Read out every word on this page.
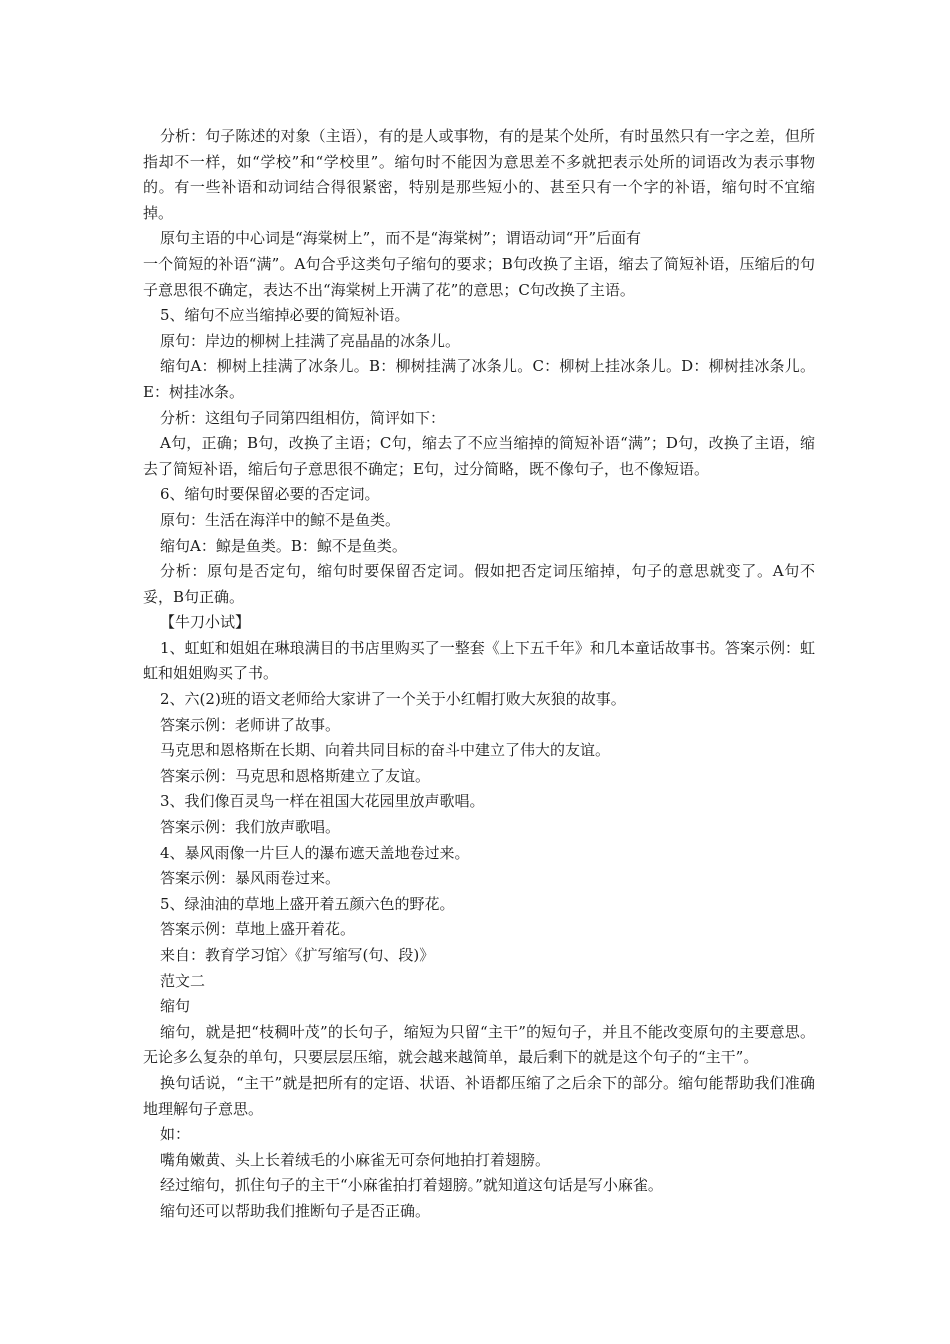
分析：句子陈述的对象（主语），有的是人或事物，有的是某个处所，有时虽然只有一字之差，但所指却不一样，如“学校”和“学校里”。缩句时不能因为意思差不多就把表示处所的词语改为表示事物的。有一些补语和动词结合得很紧密，特别是那些短小的、甚至只有一个字的补语，缩句时不宜缩掉。

原句主语的中心词是“海棠树上”，而不是“海棠树”；谓语动词“开”后面有

一个简短的补语“满”。A句合乎这类句子缩句的要求；B句改换了主语，缩去了简短补语，压缩后的句子意思很不确定，表达不出“海棠树上开满了花”的意思；C句改换了主语。

5、缩句不应当缩掉必要的简短补语。

原句：岸边的柳树上挂满了亮晶晶的冰条儿。

缩句A：柳树上挂满了冰条儿。B：柳树挂满了冰条儿。C：柳树上挂冰条儿。D：柳树挂冰条儿。E：树挂冰条。

分析：这组句子同第四组相仿，简评如下：

A句，正确；B句，改换了主语；C句，缩去了不应当缩掉的简短补语“满”；D句，改换了主语，缩去了简短补语，缩后句子意思很不确定；E句，过分简略，既不像句子，也不像短语。

6、缩句时要保留必要的否定词。

原句：生活在海洋中的鲸不是鱼类。

缩句A：鲸是鱼类。B：鲸不是鱼类。

分析：原句是否定句，缩句时要保留否定词。假如把否定词压缩掉，句子的意思就变了。A句不妥，B句正确。

【牛刀小试】

1、虹虹和姐姐在琳琅满目的书店里购买了一整套《上下五千年》和几本童话故事书。答案示例：虹虹和姐姐购买了书。

2、六(2)班的语文老师给大家讲了一个关于小红帽打败大灰狼的故事。

答案示例：老师讲了故事。

马克思和恩格斯在长期、向着共同目标的奋斗中建立了伟大的友谊。

答案示例：马克思和恩格斯建立了友谊。

3、我们像百灵鸟一样在祖国大花园里放声歌唱。

答案示例：我们放声歌唱。

4、暴风雨像一片巨人的瀑布遮天盖地卷过来。

答案示例：暴风雨卷过来。

5、绿油油的草地上盛开着五颜六色的野花。

答案示例：草地上盛开着花。

来自：教育学习馆〉《扩写缩写(句、段)》

范文二

缩句

缩句，就是把“枝稠叶茂”的长句子，缩短为只留“主干”的短句子，并且不能改变原句的主要意思。无论多么复杂的单句，只要层层压缩，就会越来越简单，最后剩下的就是这个句子的“主干”。

换句话说，“主干”就是把所有的定语、状语、补语都压缩了之后余下的部分。缩句能帮助我们准确地理解句子意思。

如：

嘴角嫩黄、头上长着绒毛的小麻雀无可奈何地拍打着翅膀。

经过缩句，抓住句子的主干“小麻雀拍打着翅膀。”就知道这句话是写小麻雀。

缩句还可以帮助我们推断句子是否正确。
